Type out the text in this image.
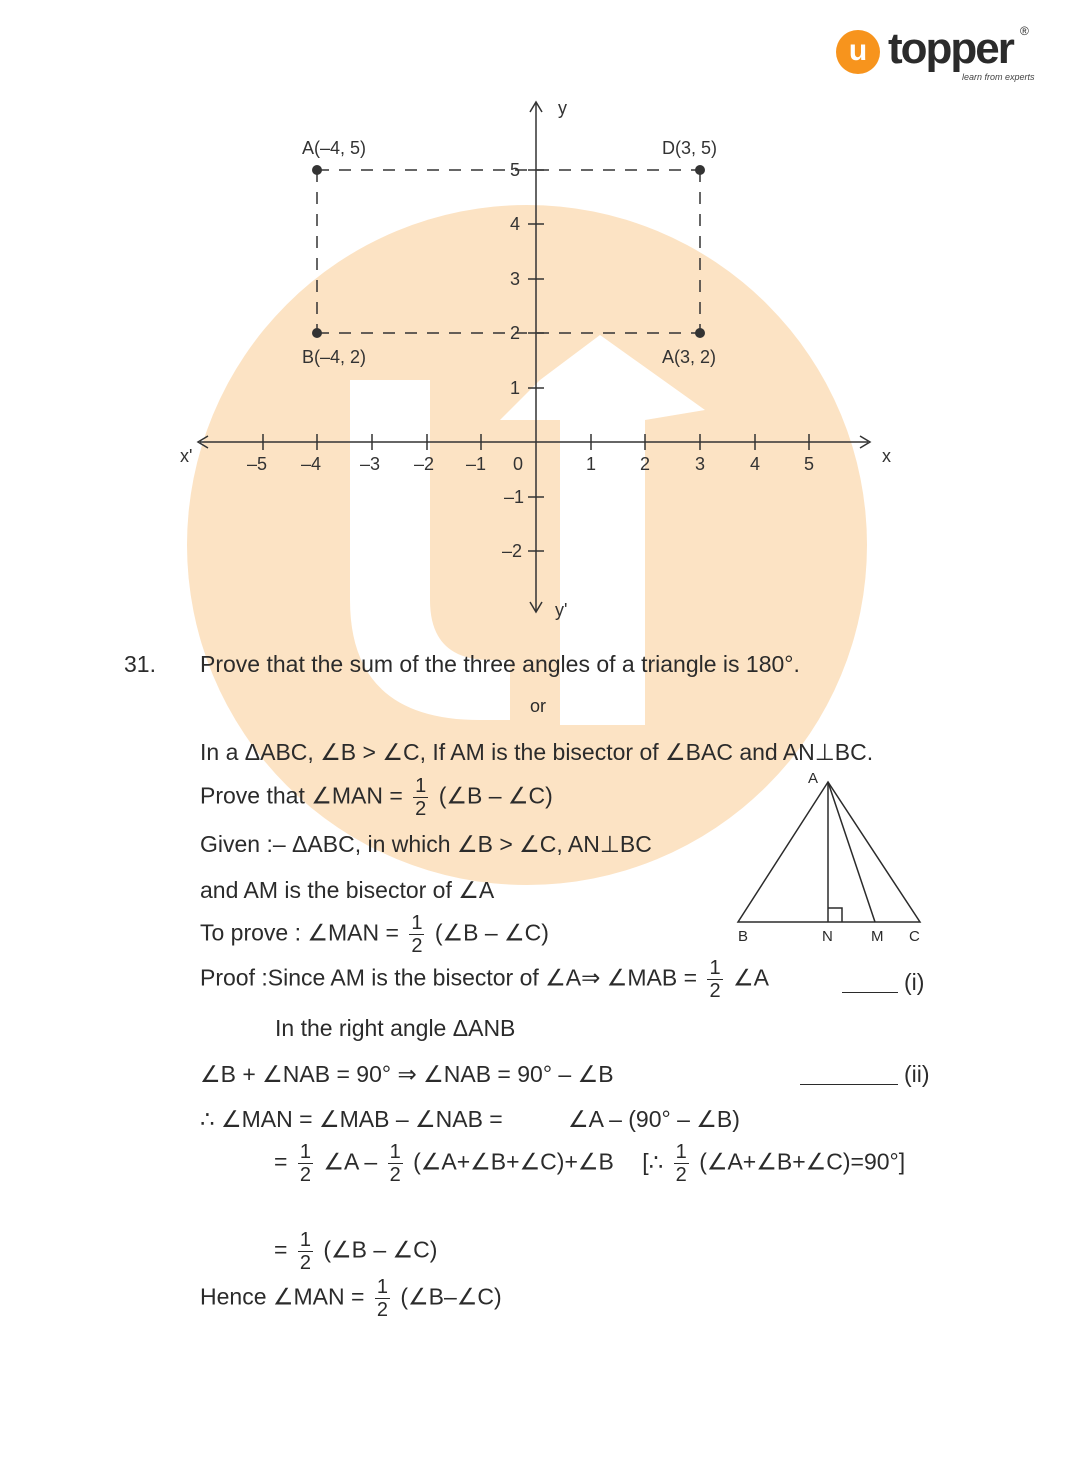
u topper ®
learn from experts
y
y'
x
x'	–5 –4 –3 –2 –1 0	1 2 3 4 5
5
4
3
2
1
–1
–2
A(–4, 5)	D(3, 5)
B(–4, 2)	A(3, 2)
31. Prove that the sum of the three angles of a triangle is 180°.
or
In a ΔABC, ∠B > ∠C, If AM is the bisector of ∠BAC and AN⊥BC.
Prove that ∠MAN = $\frac{1}{2}$ (∠B – ∠C)
Given :– ΔABC, in which ∠B > ∠C, AN⊥BC
and AM is the bisector of ∠A
To prove : ∠MAN = $\frac{1}{2}$ (∠B – ∠C)
Proof :Since AM is the bisector of ∠A⇒ ∠MAB = $\frac{1}{2}$ ∠A	(i)
In the right angle ΔANB
∠B + ∠NAB = 90° ⇒ ∠NAB = 90° – ∠B	(ii)
∴ ∠MAN = ∠MAB – ∠NAB =	∠A – (90° – ∠B)
= $\frac{1}{2}$ ∠A – $\frac{1}{2}$ (∠A+∠B+∠C)+∠B [∴ $\frac{1}{2}$ (∠A+∠B+∠C)=90°]
= $\frac{1}{2}$ (∠B – ∠C)
Hence ∠MAN = $\frac{1}{2}$ (∠B–∠C)
A
B	N	M C
